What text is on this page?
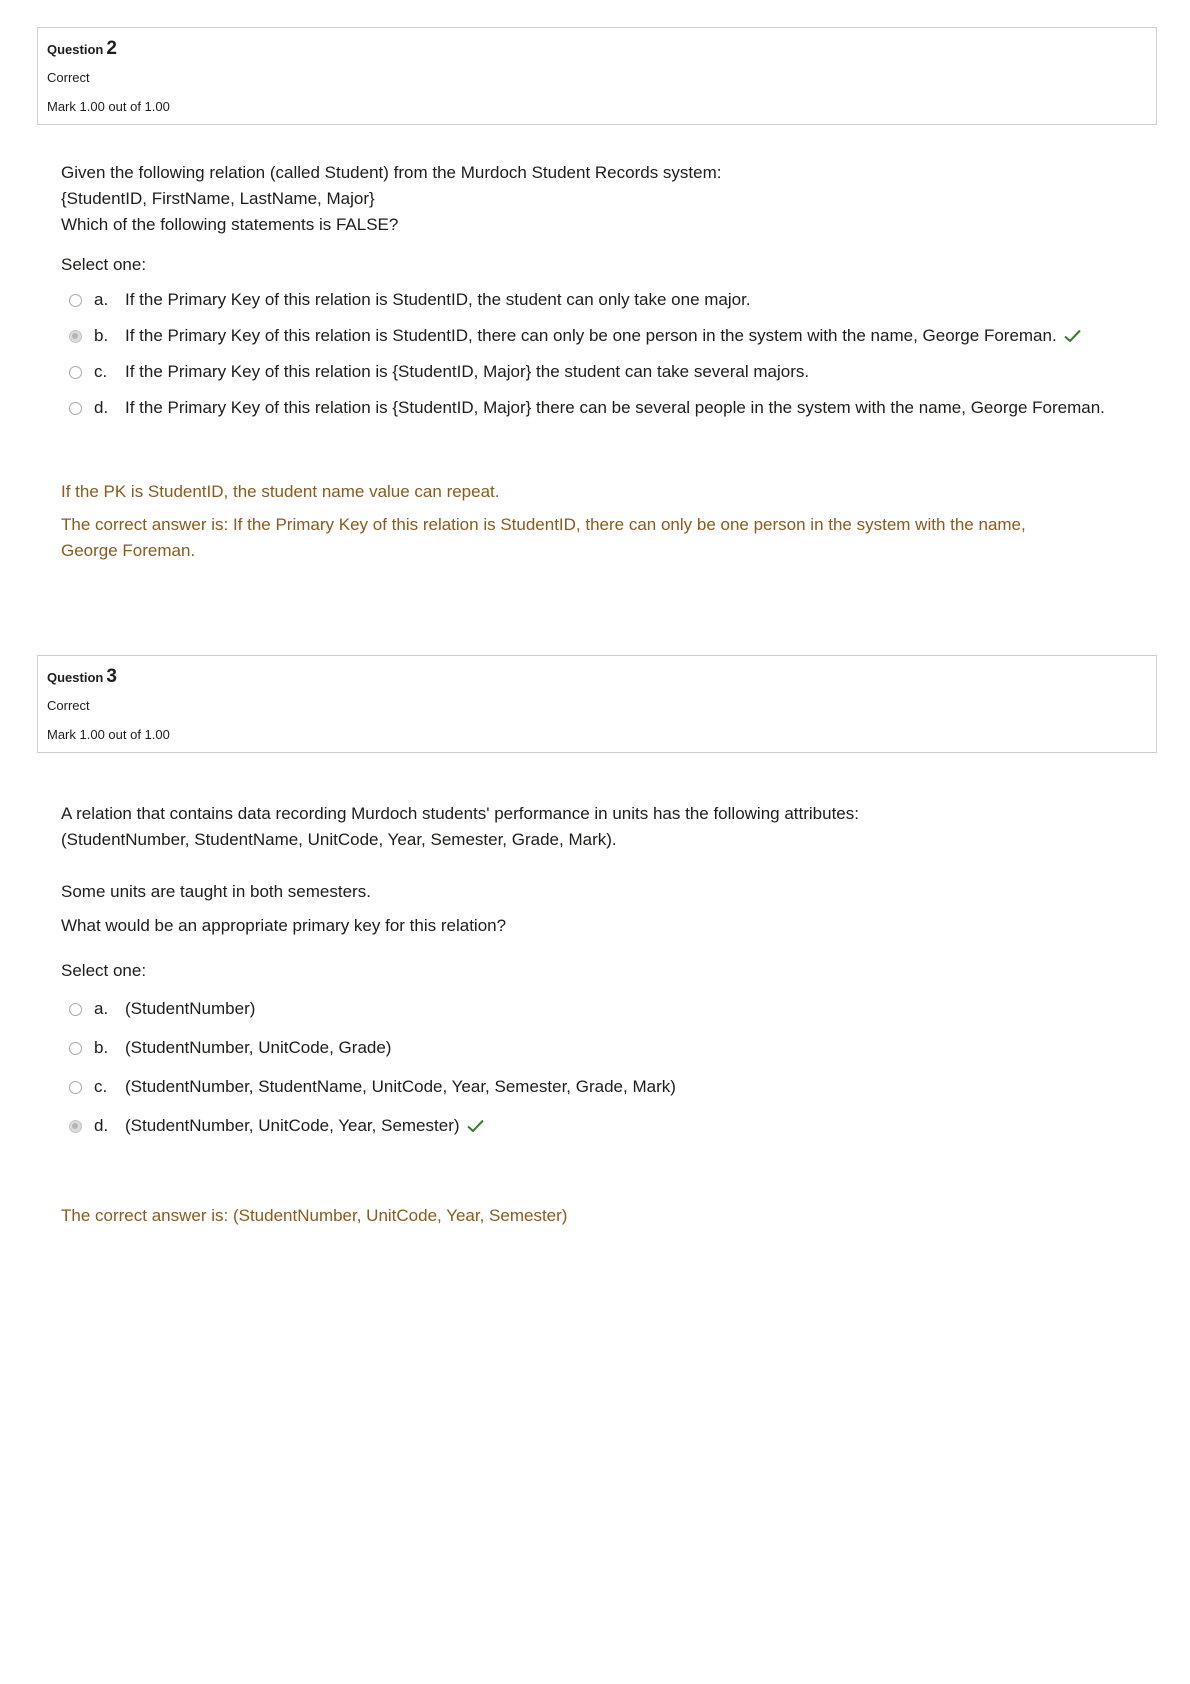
Question 2
Correct
Mark 1.00 out of 1.00
Given the following relation (called Student) from the Murdoch Student Records system:
{StudentID, FirstName, LastName, Major}
Which of the following statements is FALSE?
Select one:
a. If the Primary Key of this relation is StudentID, the student can only take one major.
b. If the Primary Key of this relation is StudentID, there can only be one person in the system with the name, George Foreman.
c.	If the Primary Key of this relation is {StudentID, Major} the student can take several majors.
d. If the Primary Key of this relation is {StudentID, Major} there can be several people in the system with the name, George Foreman.
If the PK is StudentID, the student name value can repeat.
The correct answer is: If the Primary Key of this relation is StudentID, there can only be one person in the system with the name, George Foreman.
Question 3
Correct
Mark 1.00 out of 1.00
A relation that contains data recording Murdoch students' performance in units has the following attributes:
(StudentNumber, StudentName, UnitCode, Year, Semester, Grade, Mark).
Some units are taught in both semesters.
What would be an appropriate primary key for this relation?
Select one:
a. (StudentNumber)
b. (StudentNumber, UnitCode, Grade)
c.	(StudentNumber, StudentName, UnitCode, Year, Semester, Grade, Mark)
d. (StudentNumber, UnitCode, Year, Semester)
The correct answer is: (StudentNumber, UnitCode, Year, Semester)
